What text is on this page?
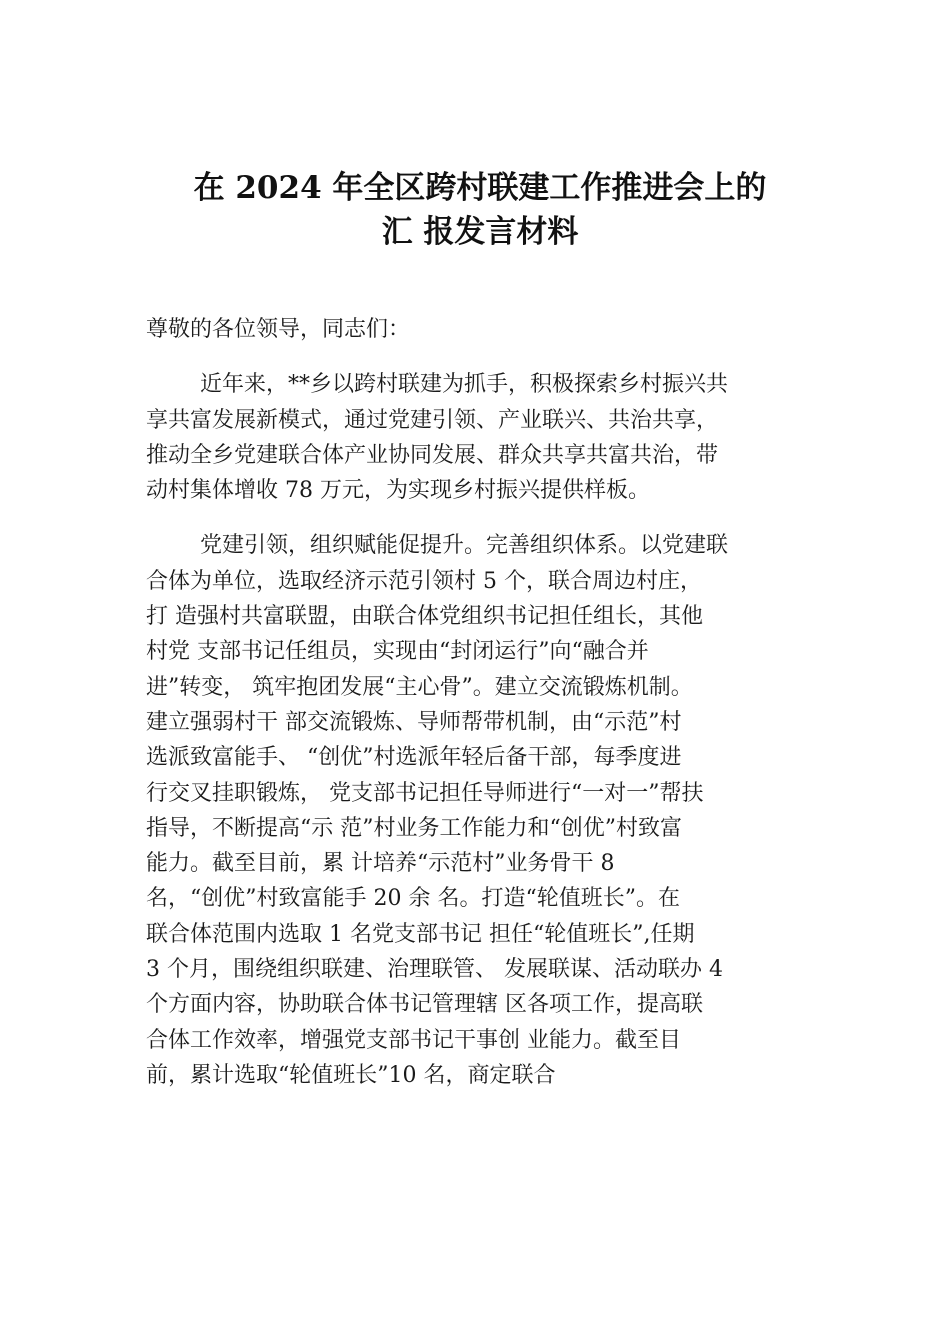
在 2024 年全区跨村联建工作推进会上的
汇 报发言材料
尊敬的各位领导，同志们：
近年来，**乡以跨村联建为抓手，积极探索乡村振兴共
享共富发展新模式，通过党建引领、产业联兴、共治共享，
推动全乡党建联合体产业协同发展、群众共享共富共治，带
动村集体增收 78 万元，为实现乡村振兴提供样板。
党建引领，组织赋能促提升。完善组织体系。以党建联
合体为单位，选取经济示范引领村 5 个，联合周边村庄，
打 造强村共富联盟，由联合体党组织书记担任组长，其他
村党 支部书记任组员，实现由“封闭运行”向“融合并
进”转变， 筑牢抱团发展“主心骨”。建立交流锻炼机制。
建立强弱村干 部交流锻炼、导师帮带机制，由“示范”村
选派致富能手、 “创优”村选派年轻后备干部，每季度进
行交叉挂职锻炼， 党支部书记担任导师进行“一对一”帮扶
指导，不断提高“示 范”村业务工作能力和“创优”村致富
能力。截至目前，累 计培养“示范村”业务骨干 8
名，“创优”村致富能手 20 余 名。打造“轮值班长”。在
联合体范围内选取 1 名党支部书记 担任“轮值班长”,任期
3 个月，围绕组织联建、治理联管、 发展联谋、活动联办 4
个方面内容，协助联合体书记管理辖 区各项工作，提高联
合体工作效率，增强党支部书记干事创 业能力。截至目
前，累计选取“轮值班长”10 名，商定联合
